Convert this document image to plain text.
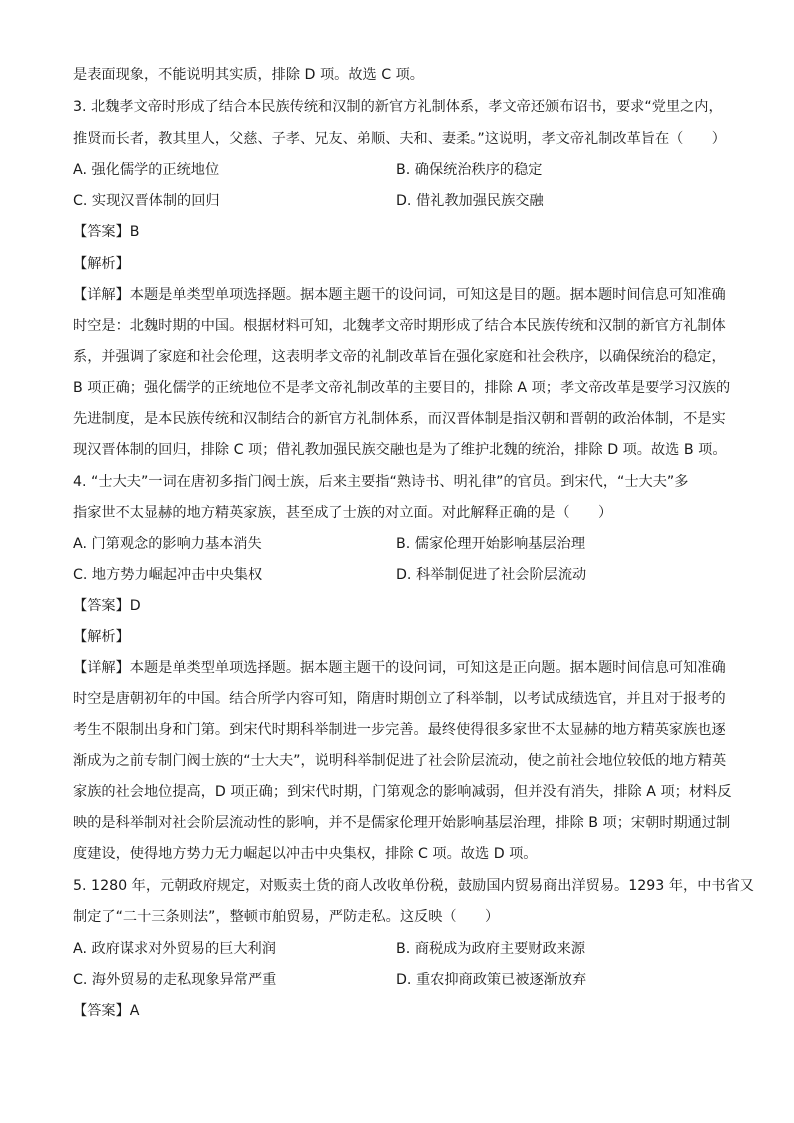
是表面现象，不能说明其实质，排除 D 项。故选 C 项。
3. 北魏孝文帝时形成了结合本民族传统和汉制的新官方礼制体系，孝文帝还颁布诏书，要求“党里之内，
推贤而长者，教其里人，父慈、子孝、兄友、弟顺、夫和、妻柔。”这说明，孝文帝礼制改革旨在（　　）
A. 强化儒学的正统地位	B. 确保统治秩序的稳定
C. 实现汉晋体制的回归	D. 借礼教加强民族交融
【答案】B
【解析】
【详解】本题是单类型单项选择题。据本题主题干的设问词，可知这是目的题。据本题时间信息可知准确
时空是：北魏时期的中国。根据材料可知，北魏孝文帝时期形成了结合本民族传统和汉制的新官方礼制体
系，并强调了家庭和社会伦理，这表明孝文帝的礼制改革旨在强化家庭和社会秩序，以确保统治的稳定，
B 项正确；强化儒学的正统地位不是孝文帝礼制改革的主要目的，排除 A 项；孝文帝改革是要学习汉族的
先进制度，是本民族传统和汉制结合的新官方礼制体系，而汉晋体制是指汉朝和晋朝的政治体制，不是实
现汉晋体制的回归，排除 C 项；借礼教加强民族交融也是为了维护北魏的统治，排除 D 项。故选 B 项。
4. “士大夫”一词在唐初多指门阀士族，后来主要指“熟诗书、明礼律”的官员。到宋代，“士大夫”多
指家世不太显赫的地方精英家族，甚至成了士族的对立面。对此解释正确的是（　　）
A. 门第观念的影响力基本消失	B. 儒家伦理开始影响基层治理
C. 地方势力崛起冲击中央集权	D. 科举制促进了社会阶层流动
【答案】D
【解析】
【详解】本题是单类型单项选择题。据本题主题干的设问词，可知这是正向题。据本题时间信息可知准确
时空是唐朝初年的中国。结合所学内容可知，隋唐时期创立了科举制，以考试成绩选官，并且对于报考的
考生不限制出身和门第。到宋代时期科举制进一步完善。最终使得很多家世不太显赫的地方精英家族也逐
渐成为之前专制门阀士族的“士大夫”，说明科举制促进了社会阶层流动，使之前社会地位较低的地方精英
家族的社会地位提高，D 项正确；到宋代时期，门第观念的影响减弱，但并没有消失，排除 A 项；材料反
映的是科举制对社会阶层流动性的影响，并不是儒家伦理开始影响基层治理，排除 B 项；宋朝时期通过制
度建设，使得地方势力无力崛起以冲击中央集权，排除 C 项。故选 D 项。
5. 1280 年，元朝政府规定，对贩卖土货的商人改收单份税，鼓励国内贸易商出洋贸易。1293 年，中书省又
制定了“二十三条则法”，整顿市舶贸易，严防走私。这反映（　　）
A. 政府谋求对外贸易的巨大利润	B. 商税成为政府主要财政来源
C. 海外贸易的走私现象异常严重	D. 重农抑商政策已被逐渐放弃
【答案】A
